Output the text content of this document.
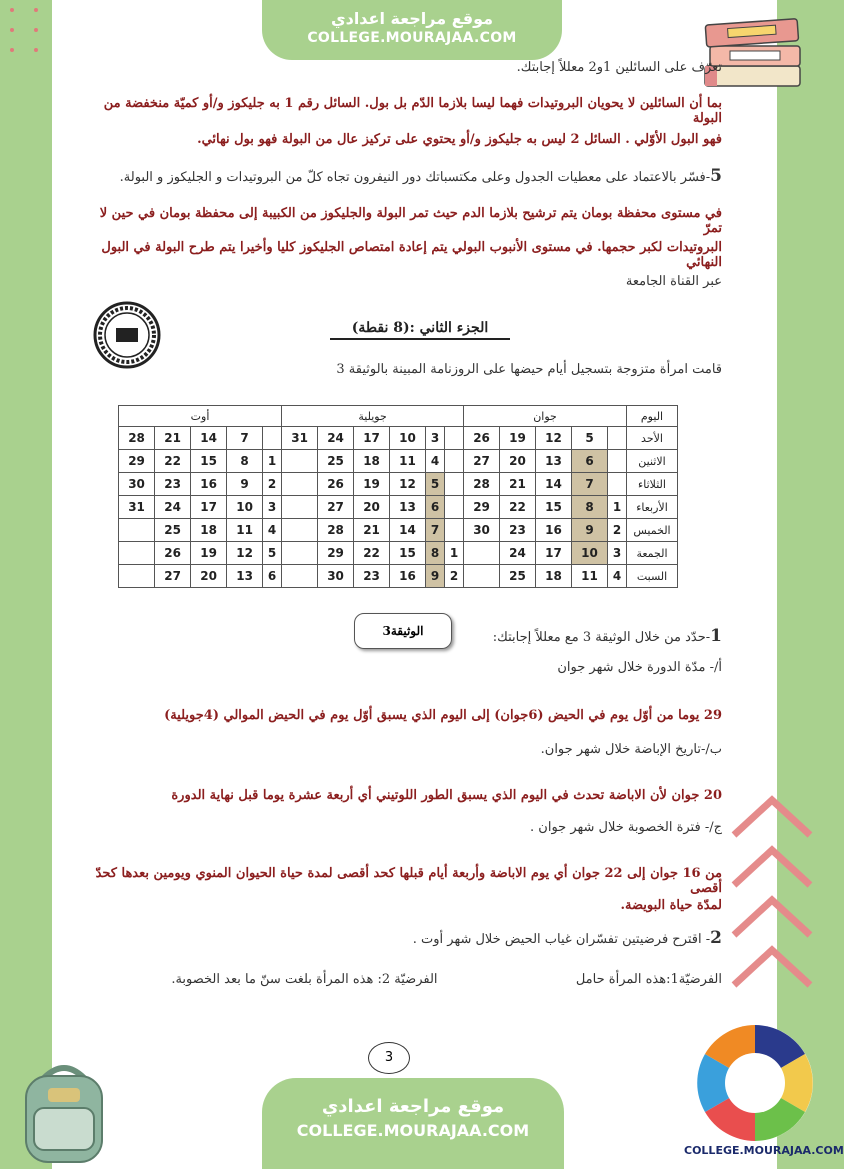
موقع مراجعة اعدادي
COLLEGE.MOURAJAA.COM
تعرّف على السائلين 1و2 معللاً إجابتك.
بما أن السائلين لا يحويان البروتيدات فهما ليسا بلازما الدّم بل بول. السائل رقم 1 به جليكوز و/أو كميّة منخفضة من البولة
فهو البول الأوّلي . السائل 2 ليس به جليكوز و/أو يحتوي على تركيز عال من البولة فهو بول نهائي.
5-فسّر بالاعتماد على معطيات الجدول وعلى مكتسباتك دور النيفرون تجاه كلّ من البروتيدات و الجليكوز و البولة.
في مستوى محفظة بومان يتم ترشيح بلازما الدم حيث تمر البولة والجليكوز من الكبيبة إلى محفظة بومان في حين لا تمرّ
البروتيدات لكبر حجمها. في مستوى الأنبوب البولي يتم إعادة امتصاص الجليكوز كليا وأخيرا يتم طرح البولة في البول النهائي
عبر القناة الجامعة
الجزء الثاني :(8 نقطة)
قامت امرأة متزوجة بتسجيل أيام حيضها على الروزنامة المبينة بالوثيقة 3
اليوم	جوان					جويلية						أوت				
الأحد		5	12	19	26		3	10	17	24	31		7	14	21	28
الاثنين		6	13	20	27		4	11	18	25		1	8	15	22	29
الثلاثاء		7	14	21	28		5	12	19	26		2	9	16	23	30
الأربعاء	1	8	15	22	29		6	13	20	27		3	10	17	24	31
الخميس	2	9	16	23	30		7	14	21	28		4	11	18	25	
الجمعة	3	10	17	24		1	8	15	22	29		5	12	19	26	
السبت	4	11	18	25		2	9	16	23	30		6	13	20	27	
الوثيقة3	1-حدّد من خلال الوثيقة 3 مع معللاً إجابتك:
أ/- مدّة الدورة خلال شهر جوان
29 يوما من أوّل يوم في الحيض (6جوان) إلى اليوم الذي يسبق أوّل يوم في الحيض الموالي (4جويلية)
ب/-تاريخ الإباضة خلال شهر جوان.
20 جوان لأن الاباضة تحدث في اليوم الذي يسبق الطور اللوتيني أي أربعة عشرة يوما قبل نهاية الدورة
ج/- فترة الخصوبة خلال شهر جوان .
من 16 جوان إلى 22 جوان أي يوم الاباضة وأربعة أيام قبلها كحد أقصى لمدة حياة الحيوان المنوي ويومين بعدها كحدّ أقصى
لمدّة حياة البويضة.
2- اقترح فرضيتين تفسّران غياب الحيض خلال شهر أوت .
الفرضيّة1:هذه المرأة حامل  الفرضيّة 2: هذه المرأة بلغت سنّ ما بعد الخصوبة.
3
موقع مراجعة اعدادي
COLLEGE.MOURAJAA.COM
COLLEGE.MOURAJAA.COM
